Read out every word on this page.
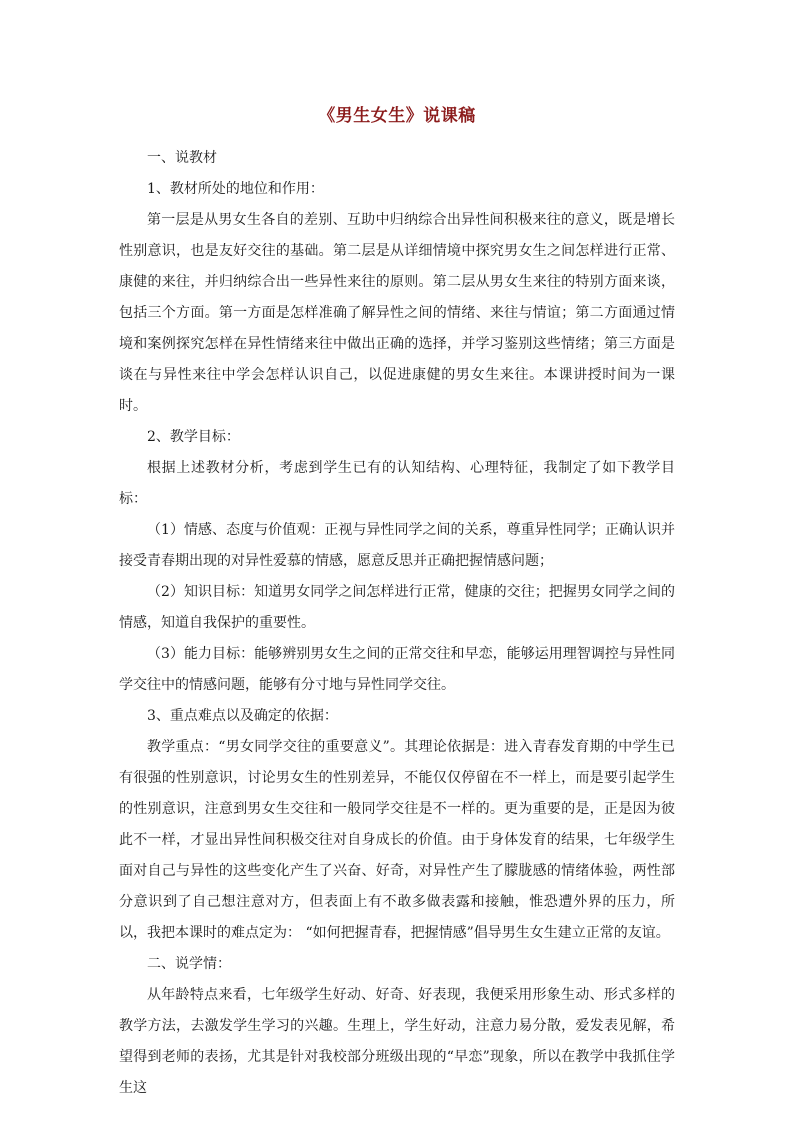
《男生女生》说课稿

一、说教材

1、教材所处的地位和作用：

第一层是从男女生各自的差别、互助中归纳综合出异性间积极来往的意义，既是增长性别意识，也是友好交往的基础。第二层是从详细情境中探究男女生之间怎样进行正常、康健的来往，并归纳综合出一些异性来往的原则。第二层从男女生来往的特别方面来谈，包括三个方面。第一方面是怎样准确了解异性之间的情绪、来往与情谊；第二方面通过情境和案例探究怎样在异性情绪来往中做出正确的选择，并学习鉴别这些情绪；第三方面是谈在与异性来往中学会怎样认识自己，以促进康健的男女生来往。本课讲授时间为一课时。

2、教学目标：

根据上述教材分析，考虑到学生已有的认知结构、心理特征，我制定了如下教学目标：

（1）情感、态度与价值观：正视与异性同学之间的关系，尊重异性同学；正确认识并接受青春期出现的对异性爱慕的情感，愿意反思并正确把握情感问题；

（2）知识目标：知道男女同学之间怎样进行正常，健康的交往；把握男女同学之间的情感，知道自我保护的重要性。

（3）能力目标：能够辨别男女生之间的正常交往和早恋，能够运用理智调控与异性同学交往中的情感问题，能够有分寸地与异性同学交往。

3、重点难点以及确定的依据：

教学重点：“男女同学交往的重要意义”。其理论依据是：进入青春发育期的中学生已有很强的性别意识，讨论男女生的性别差异，不能仅仅停留在不一样上，而是要引起学生的性别意识，注意到男女生交往和一般同学交往是不一样的。更为重要的是，正是因为彼此不一样，才显出异性间积极交往对自身成长的价值。由于身体发育的结果，七年级学生面对自己与异性的这些变化产生了兴奋、好奇，对异性产生了朦胧感的情绪体验，两性部分意识到了自己想注意对方，但表面上有不敢多做表露和接触，惟恐遭外界的压力，所以，我把本课时的难点定为： “如何把握青春，把握情感”倡导男生女生建立正常的友谊。

二、说学情：

从年龄特点来看，七年级学生好动、好奇、好表现，我便采用形象生动、形式多样的教学方法，去激发学生学习的兴趣。生理上，学生好动，注意力易分散，爱发表见解，希望得到老师的表扬，尤其是针对我校部分班级出现的“早恋”现象，所以在教学中我抓住学生这
